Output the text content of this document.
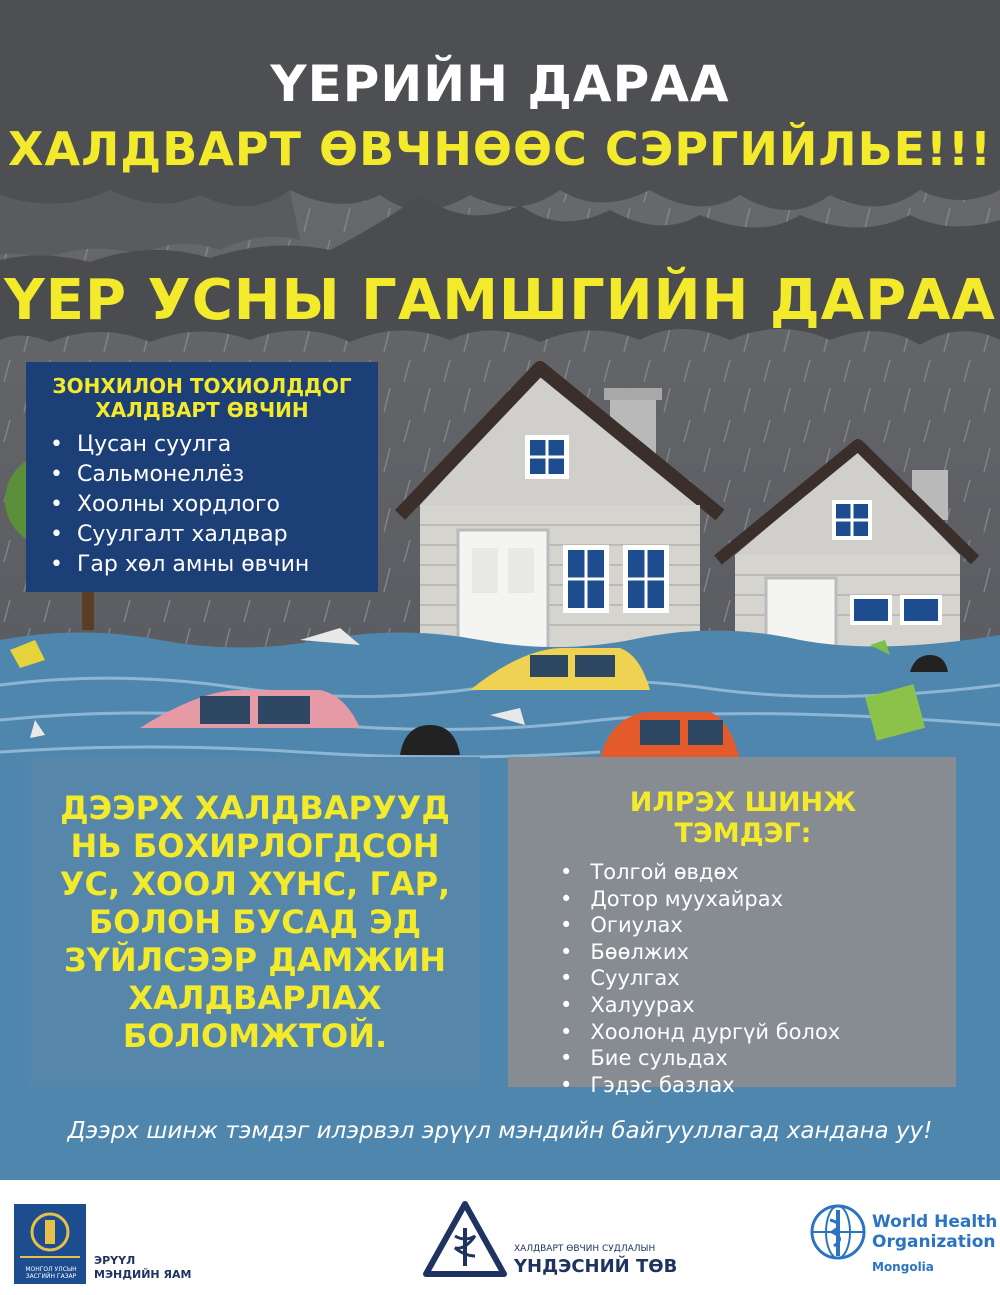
ҮЕРИЙН ДАРАА
ХАЛДВАРТ ӨВЧНӨӨС СЭРГИЙЛЬЕ!!!
ҮЕР УСНЫ ГАМШГИЙН ДАРАА
ЗОНХИЛОН ТОХИОЛДДОГ ХАЛДВАРТ ӨВЧИН
• Цусан суулга
• Сальмонеллёз
• Хоолны хордлого
• Суулгалт халдвар
• Гар хөл амны өвчин
ДЭЭРХ ХАЛДВАРУУД НЬ БОХИРЛОГДСОН УС, ХООЛ ХҮНС, ГАР, БОЛОН БУСАД ЭД ЗҮЙЛСЭЭР ДАМЖИН ХАЛДВАРЛАХ БОЛОМЖТОЙ.
ИЛРЭХ ШИНЖ ТЭМДЭГ:
• Толгой өвдөх
• Дотор муухайрах
• Огиулах
• Бөөлжих
• Суулгах
• Халуурах
• Хоолонд дургүй болох
• Бие сульдах
• Гэдэс базлах
Дээрх шинж тэмдэг илэрвэл эрүүл мэндийн байгууллагад хандана уу!
МОНГОЛ УЛСЫН ЗАСГИЙН ГАЗАР
ЭРҮҮЛ
МЭНДИЙН ЯАМ
ХАЛДВАРТ ӨВЧИН СУДЛАЛЫН
ҮНДЭСНИЙ ТӨВ
World Health
Organization
Mongolia
